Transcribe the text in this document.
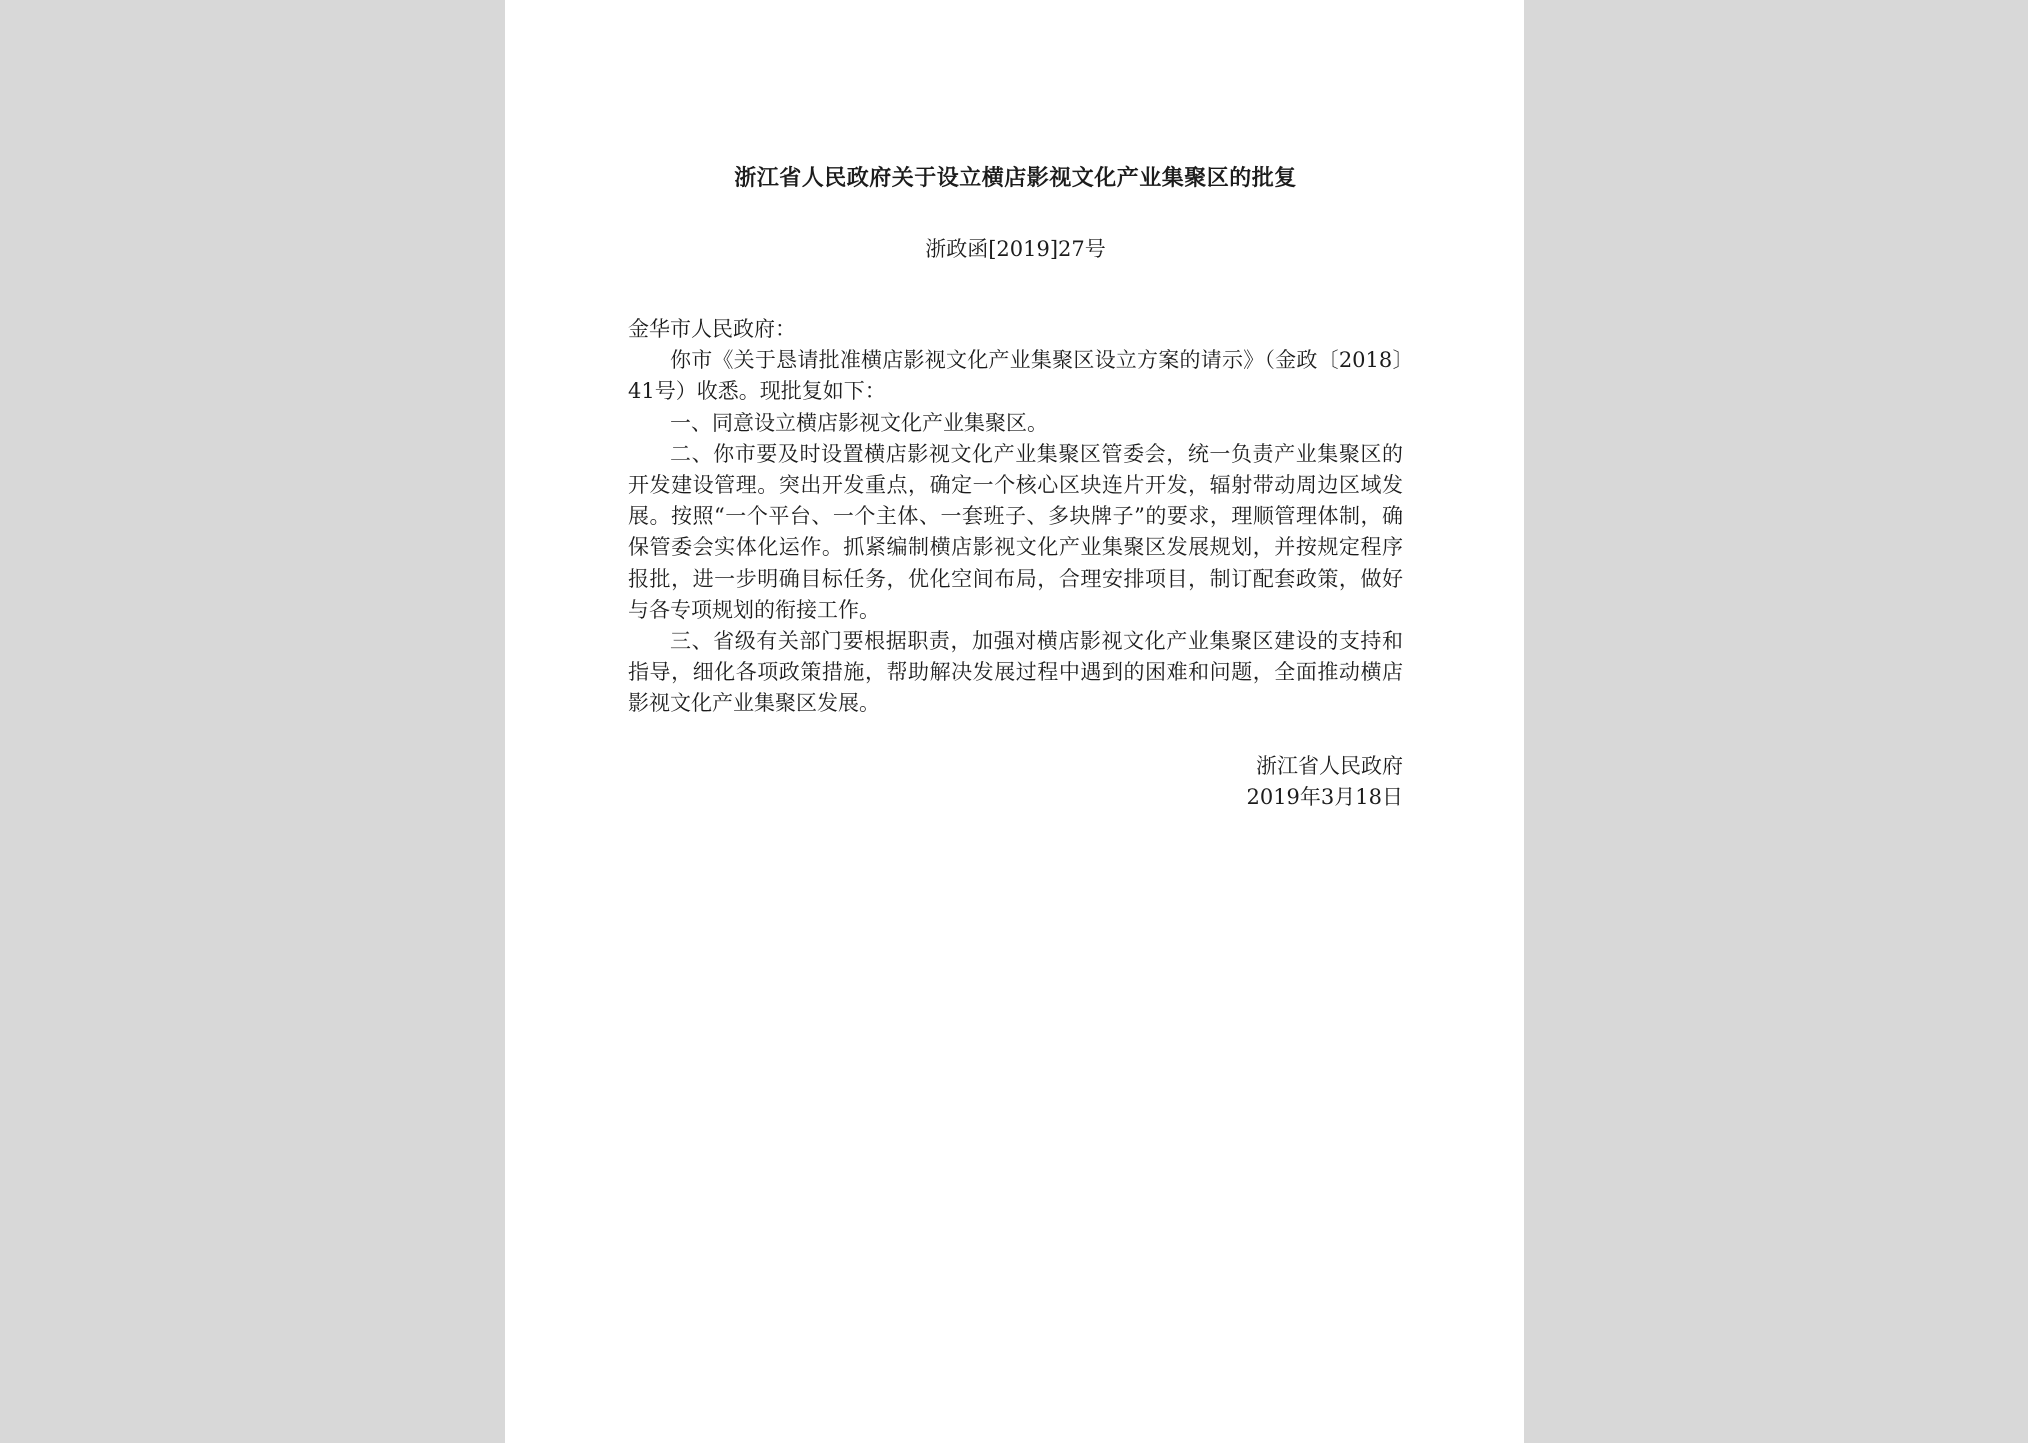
浙江省人民政府关于设立横店影视文化产业集聚区的批复
浙政函[2019]27号

金华市人民政府：

你市《关于恳请批准横店影视文化产业集聚区设立方案的请示》（金政〔2018〕41号）收悉。现批复如下：

一、同意设立横店影视文化产业集聚区。

二、你市要及时设置横店影视文化产业集聚区管委会，统一负责产业集聚区的开发建设管理。突出开发重点，确定一个核心区块连片开发，辐射带动周边区域发展。按照“一个平台、一个主体、一套班子、多块牌子”的要求，理顺管理体制，确保管委会实体化运作。抓紧编制横店影视文化产业集聚区发展规划，并按规定程序报批，进一步明确目标任务，优化空间布局，合理安排项目，制订配套政策，做好与各专项规划的衔接工作。

三、省级有关部门要根据职责，加强对横店影视文化产业集聚区建设的支持和指导，细化各项政策措施，帮助解决发展过程中遇到的困难和问题，全面推动横店影视文化产业集聚区发展。

浙江省人民政府
2019年3月18日
